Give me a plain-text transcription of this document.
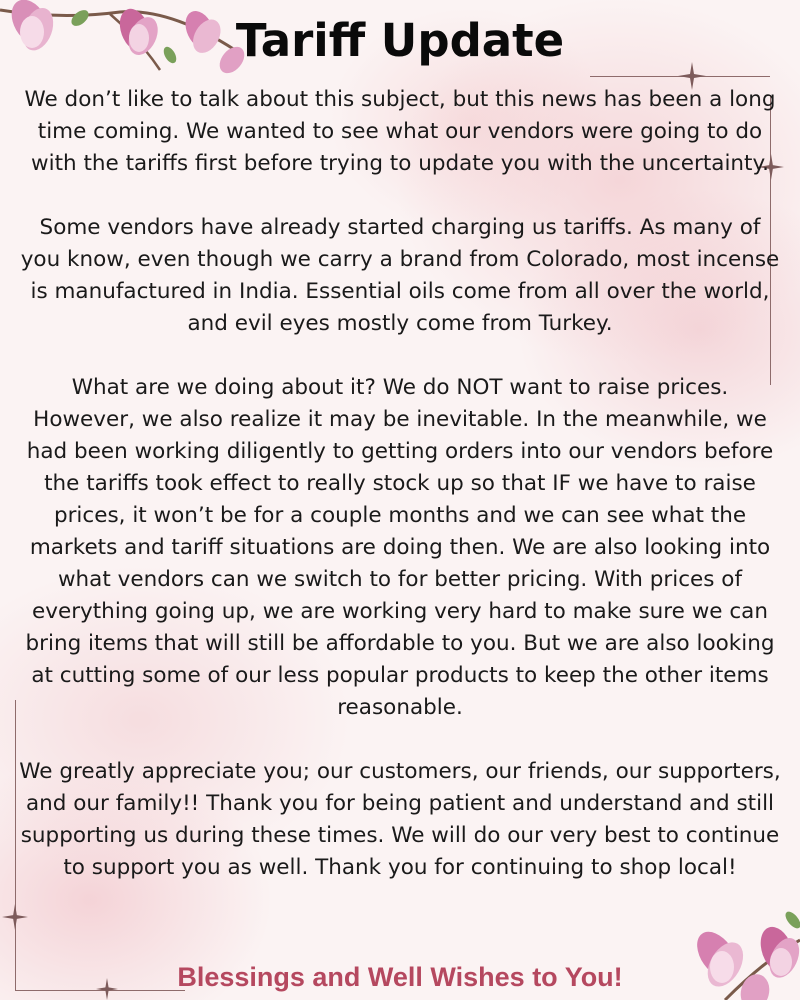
Tariff Update

We don’t like to talk about this subject, but this news has been a long time coming. We wanted to see what our vendors were going to do with the tariffs first before trying to update you with the uncertainty.

Some vendors have already started charging us tariffs. As many of you know, even though we carry a brand from Colorado, most incense is manufactured in India. Essential oils come from all over the world, and evil eyes mostly come from Turkey.

What are we doing about it? We do NOT want to raise prices. However, we also realize it may be inevitable. In the meanwhile, we had been working diligently to getting orders into our vendors before the tariffs took effect to really stock up so that IF we have to raise prices, it won’t be for a couple months and we can see what the markets and tariff situations are doing then. We are also looking into what vendors can we switch to for better pricing. With prices of everything going up, we are working very hard to make sure we can bring items that will still be affordable to you. But we are also looking at cutting some of our less popular products to keep the other items reasonable.

We greatly appreciate you; our customers, our friends, our supporters, and our family!! Thank you for being patient and understand and still supporting us during these times. We will do our very best to continue to support you as well. Thank you for continuing to shop local!

Blessings and Well Wishes to You!
